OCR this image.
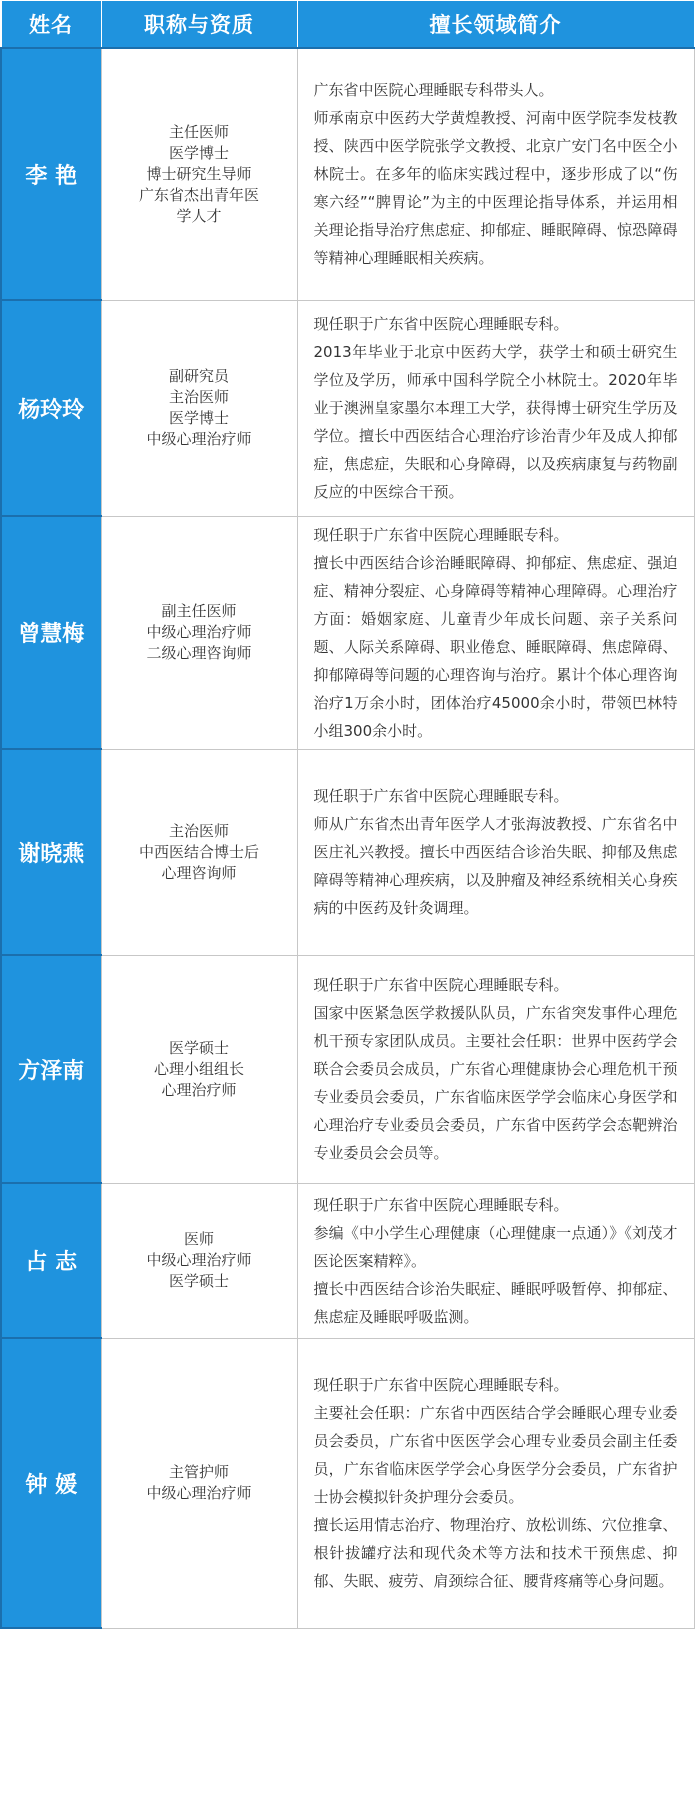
姓名	职称与资质	擅长领域简介
李 艳	主任医师
医学博士
博士研究生导师
广东省杰出青年医
学人才	广东省中医院心理睡眠专科带头人。
师承南京中医药大学黄煌教授、河南中医学院李发枝教授、陕西中医学院张学文教授、北京广安门名中医仝小林院士。在多年的临床实践过程中，逐步形成了以“伤寒六经”“脾胃论”为主的中医理论指导体系，并运用相关理论指导治疗焦虑症、抑郁症、睡眠障碍、惊恐障碍等精神心理睡眠相关疾病。

杨玲玲	副研究员
主治医师
医学博士
中级心理治疗师	现任职于广东省中医院心理睡眠专科。
2013年毕业于北京中医药大学，获学士和硕士研究生学位及学历，师承中国科学院仝小林院士。2020年毕业于澳洲皇家墨尔本理工大学，获得博士研究生学历及学位。擅长中西医结合心理治疗诊治青少年及成人抑郁症，焦虑症，失眠和心身障碍，以及疾病康复与药物副反应的中医综合干预。

曾慧梅	副主任医师
中级心理治疗师
二级心理咨询师	现任职于广东省中医院心理睡眠专科。
擅长中西医结合诊治睡眠障碍、抑郁症、焦虑症、强迫症、精神分裂症、心身障碍等精神心理障碍。心理治疗方面：婚姻家庭、儿童青少年成长问题、亲子关系问题、人际关系障碍、职业倦怠、睡眠障碍、焦虑障碍、抑郁障碍等问题的心理咨询与治疗。累计个体心理咨询治疗1万余小时，团体治疗45000余小时，带领巴林特小组300余小时。

谢晓燕	主治医师
中西医结合博士后
心理咨询师	现任职于广东省中医院心理睡眠专科。
师从广东省杰出青年医学人才张海波教授、广东省名中医庄礼兴教授。擅长中西医结合诊治失眠、抑郁及焦虑障碍等精神心理疾病，以及肿瘤及神经系统相关心身疾病的中医药及针灸调理。

方泽南	医学硕士
心理小组组长
心理治疗师	现任职于广东省中医院心理睡眠专科。
国家中医紧急医学救援队队员，广东省突发事件心理危机干预专家团队成员。主要社会任职：世界中医药学会联合会委员会成员，广东省心理健康协会心理危机干预专业委员会委员，广东省临床医学学会临床心身医学和心理治疗专业委员会委员，广东省中医药学会态靶辨治专业委员会会员等。

占 志	医师
中级心理治疗师
医学硕士	现任职于广东省中医院心理睡眠专科。
参编《中小学生心理健康（心理健康一点通）》《刘茂才医论医案精粹》。
擅长中西医结合诊治失眠症、睡眠呼吸暂停、抑郁症、焦虑症及睡眠呼吸监测。

钟 媛	主管护师
中级心理治疗师	现任职于广东省中医院心理睡眠专科。
主要社会任职：广东省中西医结合学会睡眠心理专业委员会委员，广东省中医医学会心理专业委员会副主任委员，广东省临床医学学会心身医学分会委员，广东省护士协会模拟针灸护理分会委员。
擅长运用情志治疗、物理治疗、放松训练、穴位推拿、根针拔罐疗法和现代灸术等方法和技术干预焦虑、抑郁、失眠、疲劳、肩颈综合征、腰背疼痛等心身问题。
